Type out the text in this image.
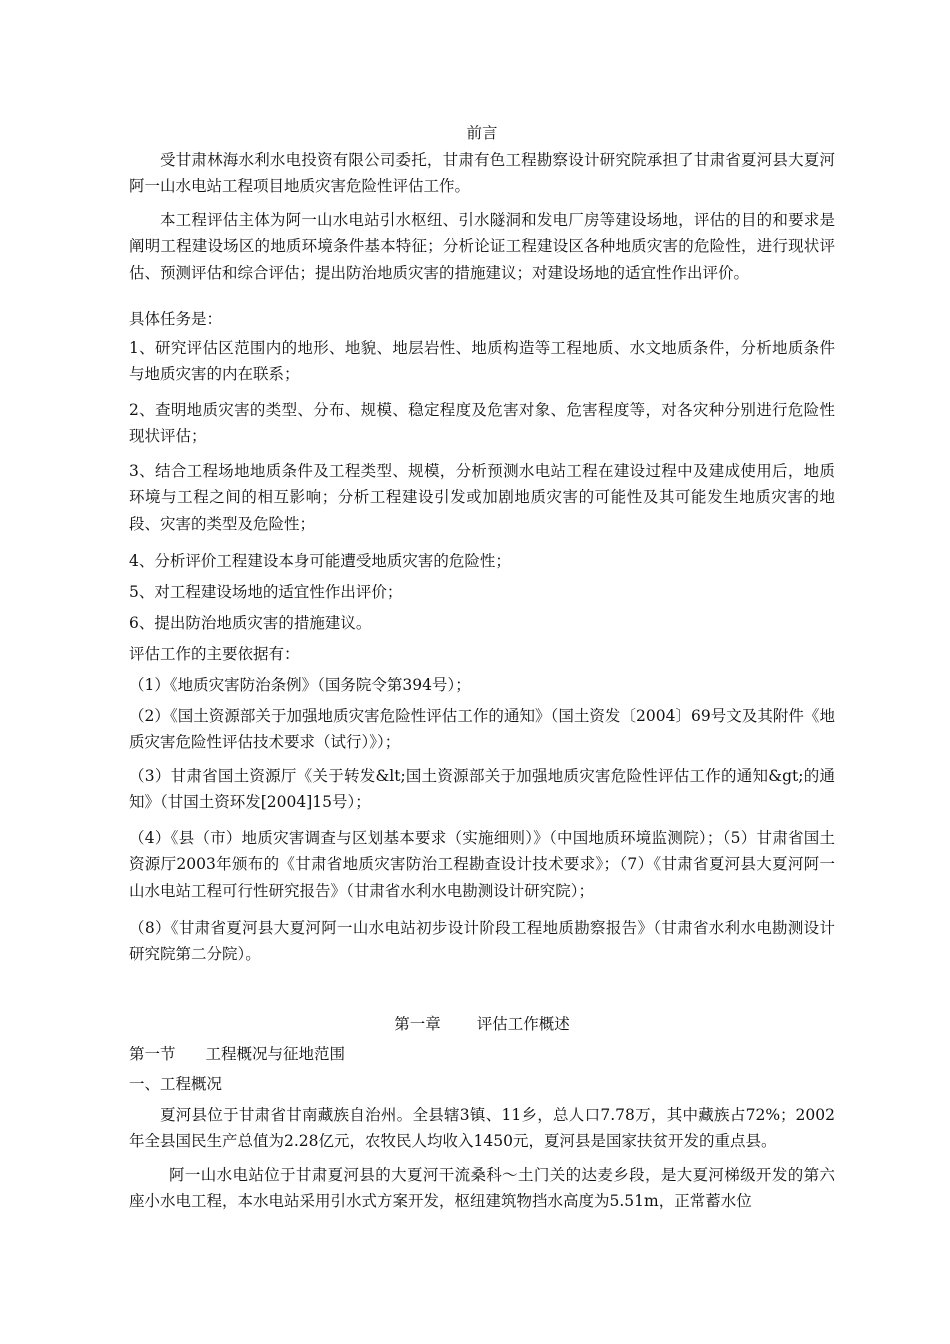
前言
受甘肃林海水利水电投资有限公司委托，甘肃有色工程勘察设计研究院承担了甘肃省夏河县大夏河阿一山水电站工程项目地质灾害危险性评估工作。
本工程评估主体为阿一山水电站引水枢纽、引水隧洞和发电厂房等建设场地，评估的目的和要求是阐明工程建设场区的地质环境条件基本特征；分析论证工程建设区各种地质灾害的危险性，进行现状评估、预测评估和综合评估；提出防治地质灾害的措施建议；对建设场地的适宜性作出评价。
具体任务是：
1、研究评估区范围内的地形、地貌、地层岩性、地质构造等工程地质、水文地质条件，分析地质条件与地质灾害的内在联系；
2、查明地质灾害的类型、分布、规模、稳定程度及危害对象、危害程度等，对各灾种分别进行危险性现状评估；
3、结合工程场地地质条件及工程类型、规模，分析预测水电站工程在建设过程中及建成使用后，地质环境与工程之间的相互影响；分析工程建设引发或加剧地质灾害的可能性及其可能发生地质灾害的地段、灾害的类型及危险性；
4、分析评价工程建设本身可能遭受地质灾害的危险性；
5、对工程建设场地的适宜性作出评价；
6、提出防治地质灾害的措施建议。
评估工作的主要依据有：
（1）《地质灾害防治条例》（国务院令第394号）；
（2）《国土资源部关于加强地质灾害危险性评估工作的通知》（国土资发〔2004〕69号文及其附件《地质灾害危险性评估技术要求（试行）》）；
（3）甘肃省国土资源厅《关于转发&lt;国土资源部关于加强地质灾害危险性评估工作的通知&gt;的通知》（甘国土资环发[2004]15号）；
（4）《县（市）地质灾害调查与区划基本要求（实施细则）》（中国地质环境监测院）；（5）甘肃省国土资源厅2003年颁布的《甘肃省地质灾害防治工程勘查设计技术要求》；（7）《甘肃省夏河县大夏河阿一山水电站工程可行性研究报告》（甘肃省水利水电勘测设计研究院）；
（8）《甘肃省夏河县大夏河阿一山水电站初步设计阶段工程地质勘察报告》（甘肃省水利水电勘测设计研究院第二分院）。
第一章 评估工作概述
第一节 工程概况与征地范围
一、工程概况
夏河县位于甘肃省甘南藏族自治州。全县辖3镇、11乡，总人口7.78万，其中藏族占72%；2002年全县国民生产总值为2.28亿元，农牧民人均收入1450元，夏河县是国家扶贫开发的重点县。
阿一山水电站位于甘肃夏河县的大夏河干流桑科～土门关的达麦乡段，是大夏河梯级开发的第六座小水电工程，本水电站采用引水式方案开发，枢纽建筑物挡水高度为5.51m，正常蓄水位
